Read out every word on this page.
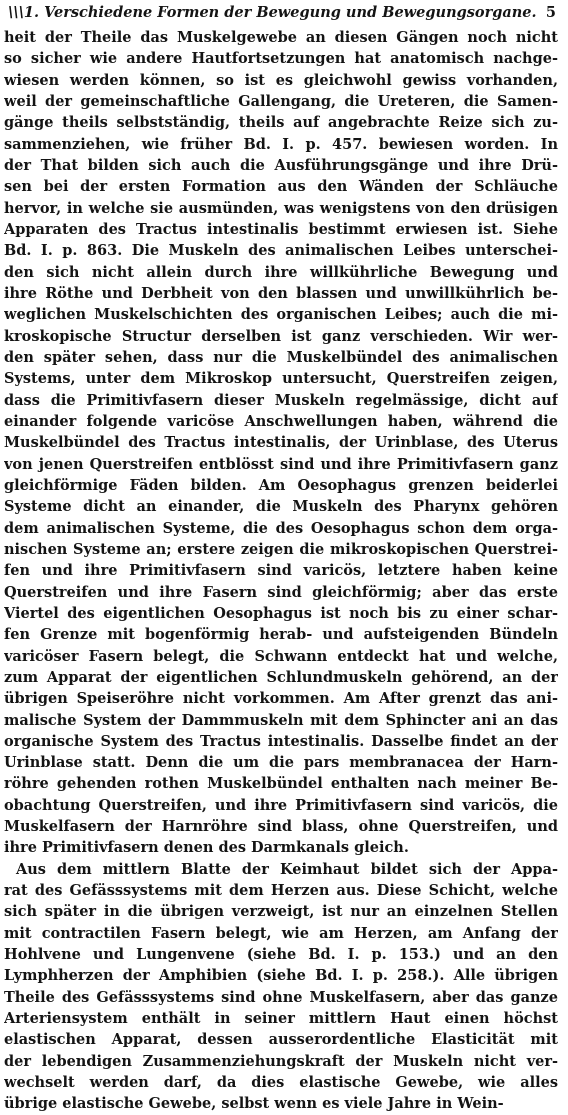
\\\1. Verschiedene Formen der Bewegung und Bewegungsorgane. 5
heit der Theile das Muskelgewebe an diesen Gängen noch nicht
so sicher wie andere Hautfortsetzungen hat anatomisch nachge-
wiesen werden können, so ist es gleichwohl gewiss vorhanden,
weil der gemeinschaftliche Gallengang, die Ureteren, die Samen-
gänge theils selbstständig, theils auf angebrachte Reize sich zu-
sammenziehen, wie früher Bd. I. p. 457. bewiesen worden. In
der That bilden sich auch die Ausführungsgänge und ihre Drü-
sen bei der ersten Formation aus den Wänden der Schläuche
hervor, in welche sie ausmünden, was wenigstens von den drüsigen
Apparaten des Tractus intestinalis bestimmt erwiesen ist. Siehe
Bd. I. p. 863. Die Muskeln des animalischen Leibes unterschei-
den sich nicht allein durch ihre willkührliche Bewegung und
ihre Röthe und Derbheit von den blassen und unwillkührlich be-
weglichen Muskelschichten des organischen Leibes; auch die mi-
kroskopische Structur derselben ist ganz verschieden. Wir wer-
den später sehen, dass nur die Muskelbündel des animalischen
Systems, unter dem Mikroskop untersucht, Querstreifen zeigen,
dass die Primitivfasern dieser Muskeln regelmässige, dicht auf
einander folgende varicöse Anschwellungen haben, während die
Muskelbündel des Tractus intestinalis, der Urinblase, des Uterus
von jenen Querstreifen entblösst sind und ihre Primitivfasern ganz
gleichförmige Fäden bilden. Am Oesophagus grenzen beiderlei
Systeme dicht an einander, die Muskeln des Pharynx gehören
dem animalischen Systeme, die des Oesophagus schon dem orga-
nischen Systeme an; erstere zeigen die mikroskopischen Querstrei-
fen und ihre Primitivfasern sind varicös, letztere haben keine
Querstreifen und ihre Fasern sind gleichförmig; aber das erste
Viertel des eigentlichen Oesophagus ist noch bis zu einer schar-
fen Grenze mit bogenförmig herab- und aufsteigenden Bündeln
varicöser Fasern belegt, die Schwann entdeckt hat und welche,
zum Apparat der eigentlichen Schlundmuskeln gehörend, an der
übrigen Speiseröhre nicht vorkommen. Am After grenzt das ani-
malische System der Dammmuskeln mit dem Sphincter ani an das
organische System des Tractus intestinalis. Dasselbe findet an der
Urinblase statt. Denn die um die pars membranacea der Harn-
röhre gehenden rothen Muskelbündel enthalten nach meiner Be-
obachtung Querstreifen, und ihre Primitivfasern sind varicös, die
Muskelfasern der Harnröhre sind blass, ohne Querstreifen, und
ihre Primitivfasern denen des Darmkanals gleich.
Aus dem mittlern Blatte der Keimhaut bildet sich der Appa-
rat des Gefässsystems mit dem Herzen aus. Diese Schicht, welche
sich später in die übrigen verzweigt, ist nur an einzelnen Stellen
mit contractilen Fasern belegt, wie am Herzen, am Anfang der
Hohlvene und Lungenvene (siehe Bd. I. p. 153.) und an den
Lymphherzen der Amphibien (siehe Bd. I. p. 258.). Alle übrigen
Theile des Gefässsystems sind ohne Muskelfasern, aber das ganze
Arteriensystem enthält in seiner mittlern Haut einen höchst
elastischen Apparat, dessen ausserordentliche Elasticität mit
der lebendigen Zusammenziehungskraft der Muskeln nicht ver-
wechselt werden darf, da dies elastische Gewebe, wie alles
übrige elastische Gewebe, selbst wenn es viele Jahre in Wein-
